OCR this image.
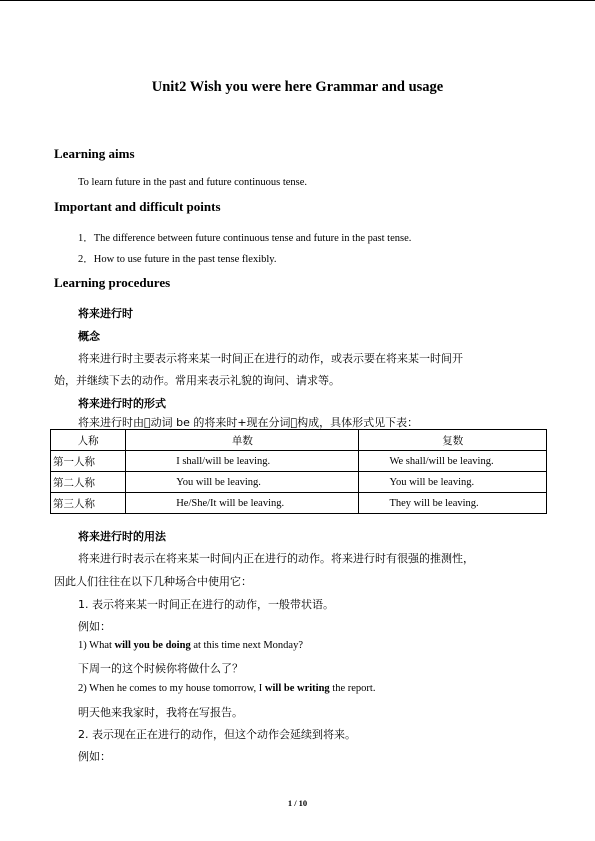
Unit2 Wish you were here Grammar and usage
Learning aims
To learn future in the past and future continuous tense.
Important and difficult points
1．The difference between future continuous tense and future in the past tense.
2．How to use future in the past tense flexibly.
Learning procedures
将来进行时
概念
将来进行时主要表示将来某一时间正在进行的动作，或表示要在将来某一时间开
始，并继续下去的动作。常用来表示礼貌的询问、请求等。
将来进行时的形式
将来进行时由 动词 be 的将来时+现在分词 构成，具体形式见下表：
人称	单数	复数
第一人称	I shall/will be leaving.	We shall/will be leaving.
第二人称	You will be leaving.	You will be leaving.
第三人称	He/She/It will be leaving.	They will be leaving.
将来进行时的用法
将来进行时表示在将来某一时间内正在进行的动作。将来进行时有很强的推测性，
因此人们往往在以下几种场合中使用它：
1. 表示将来某一时间正在进行的动作，一般带状语。
例如：
1) What will you be doing at this time next Monday?
下周一的这个时候你将做什么了？
2) When he comes to my house tomorrow, I will be writing the report.
明天他来我家时，我将在写报告。
2. 表示现在正在进行的动作，但这个动作会延续到将来。
例如：
1 / 10
